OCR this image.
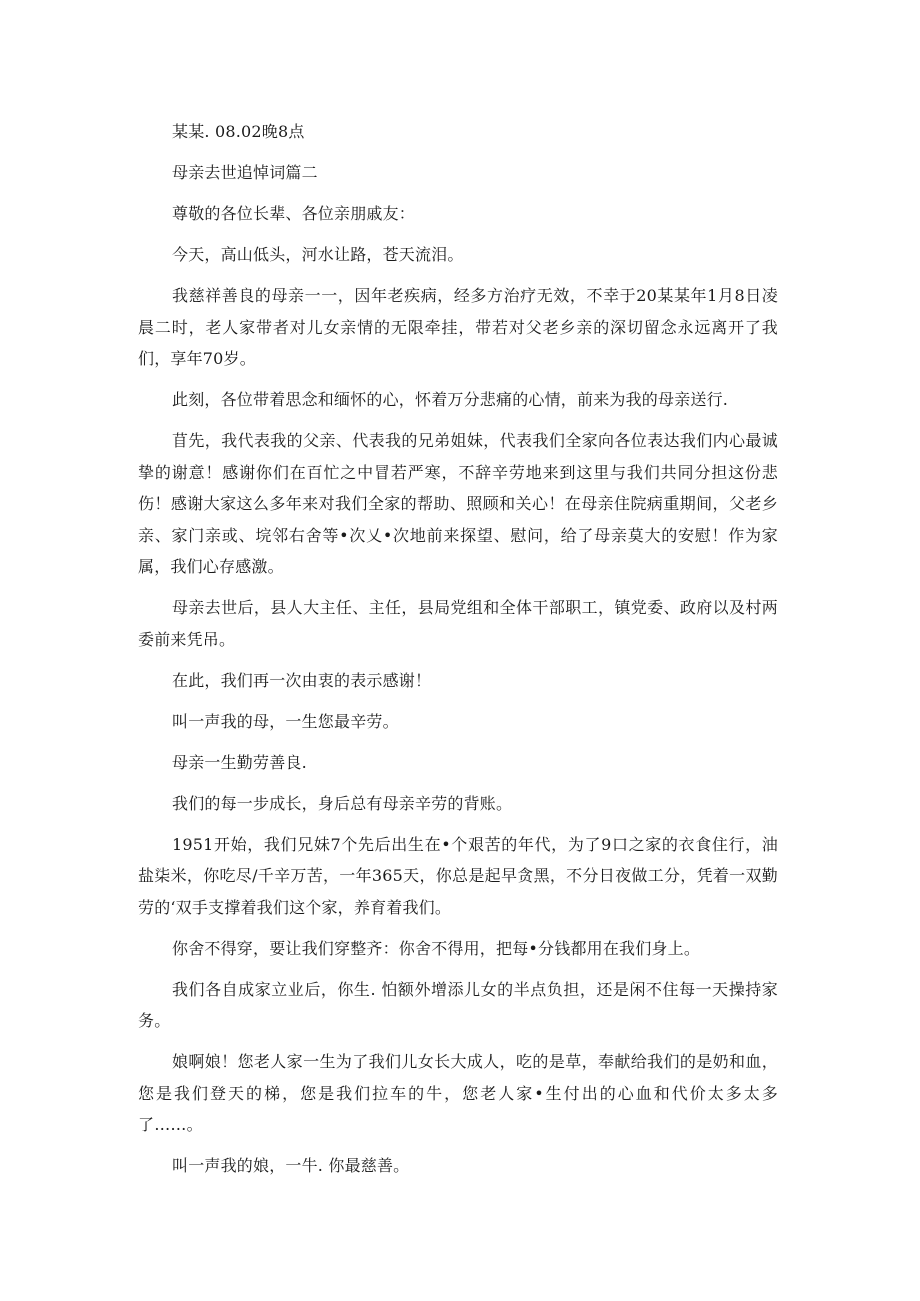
某某. 08.02晚8点

母亲去世追悼词篇二

尊敬的各位长辈、各位亲朋戚友：

今天，高山低头，河水让路，苍天流泪。

我慈祥善良的母亲一一，因年老疾病，经多方治疗无效，不幸于20某某年1月8日凌晨二时，老人家带者对儿女亲情的无限牵挂，带若对父老乡亲的深切留念永远离开了我们，享年70岁。

此刻，各位带着思念和缅怀的心，怀着万分悲痛的心情，前来为我的母亲送行.

苜先，我代表我的父亲、代表我的兄弟姐妹，代表我们全家向各位表达我们内心最诚挚的谢意！感谢你们在百忙之中冒若严寒，不辞辛劳地来到这里与我们共同分担这份悲伤！感谢大家这么多年来对我们全家的帮助、照顾和关心！在母亲住院病重期间，父老乡亲、家门亲或、垸邻右舍等•次乂•次地前来探望、慰问，给了母亲莫大的安慰！作为家属，我们心存感激。

母亲去世后，县人大主任、主任，县局党组和全体干部职工，镇党委、政府以及村两委前来凭吊。

在此，我们再一次由衷的表示感谢！

叫一声我的母，一生您最辛劳。

母亲一生勤劳善良.

我们的每一步成长，身后总有母亲辛劳的背账。

1951开始，我们兄妹7个先后出生在•个艰苦的年代，为了9口之家的衣食住行，油盐柒米，你吃尽/千辛万苦，一年365天，你总是起早贪黑，不分日夜做工分，凭着一双勤劳的‘双手支撑着我们这个家，养育着我们。

你舍不得穿，要让我们穿整齐：你舍不得用，把每•分钱都用在我们身上。

我们各自成家立业后，你生. 怕额外增添儿女的半点负担，还是闲不住每一天操持家务。

娘啊娘！您老人家一生为了我们儿女长大成人，吃的是草，奉献给我们的是奶和血，您是我们登天的梯，您是我们拉车的牛，您老人家•生付出的心血和代价太多太多了……。

叫一声我的娘，一牛. 你最慈善。
